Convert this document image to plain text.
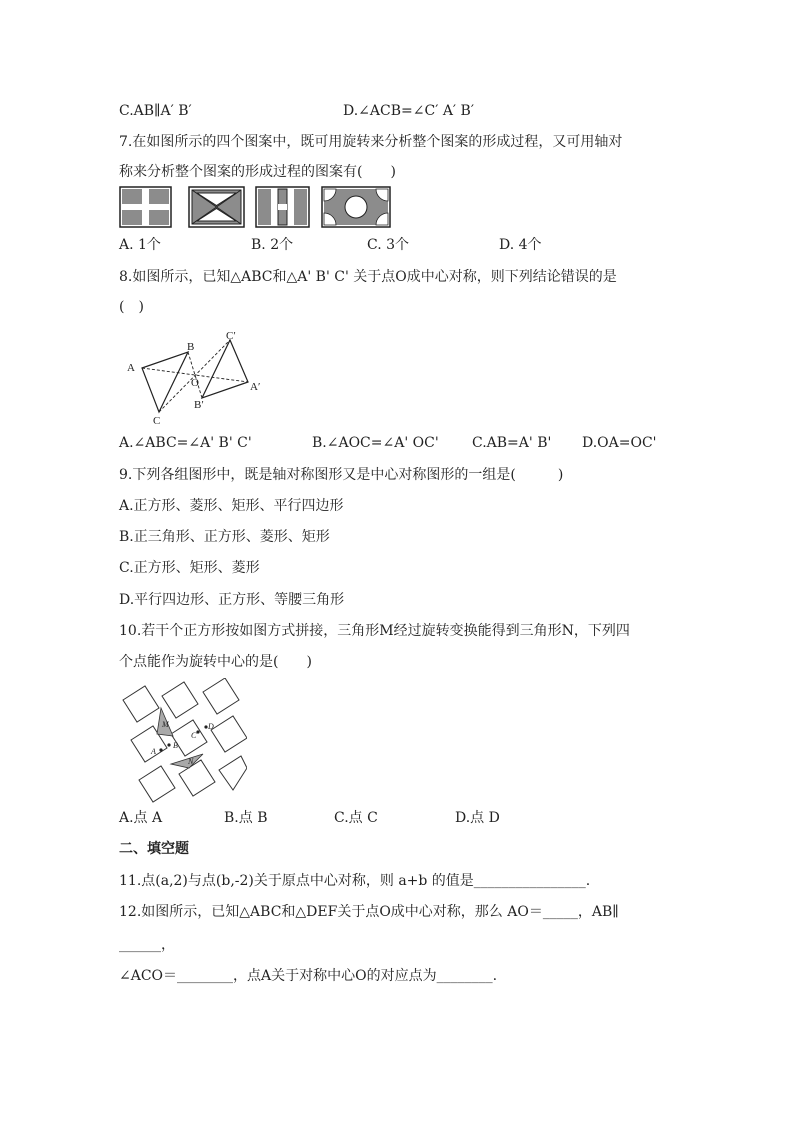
C.AB∥A′ B′	D.∠ACB=∠C′ A′ B′
7.在如图所示的四个图案中，既可用旋转来分析整个图案的形成过程，又可用轴对
称来分析整个图案的形成过程的图案有(　　)
A. 1个	B. 2个	C. 3个	D. 4个
8.如图所示，已知△ABC和△A' B' C' 关于点O成中心对称，则下列结论错误的是
(　)
A
B
C
O	A′
B′
C′
A.∠ABC=∠A' B' C'	B.∠AOC=∠A' OC' C.AB=A' B' D.OA=OC'
9.下列各组图形中，既是轴对称图形又是中心对称图形的一组是(　　　)
A.正方形、菱形、矩形、平行四边形
B.正三角形、正方形、菱形、矩形
C.正方形、矩形、菱形
D.平行四边形、正方形、等腰三角形
10.若干个正方形按如图方式拼接，三角形M经过旋转变换能得到三角形N，下列四
个点能作为旋转中心的是(　　)
M
N
A
B
C
D
A.点 A	B.点 B	C.点 C	D.点 D
二、填空题
11.点(a,2)与点(b,-2)关于原点中心对称，则 a+b 的值是________________.
12.如图所示，已知△ABC和△DEF关于点O成中心对称，那么 AO＝_____，AB∥
______，
∠ACO＝________，点A关于对称中心O的对应点为________.
